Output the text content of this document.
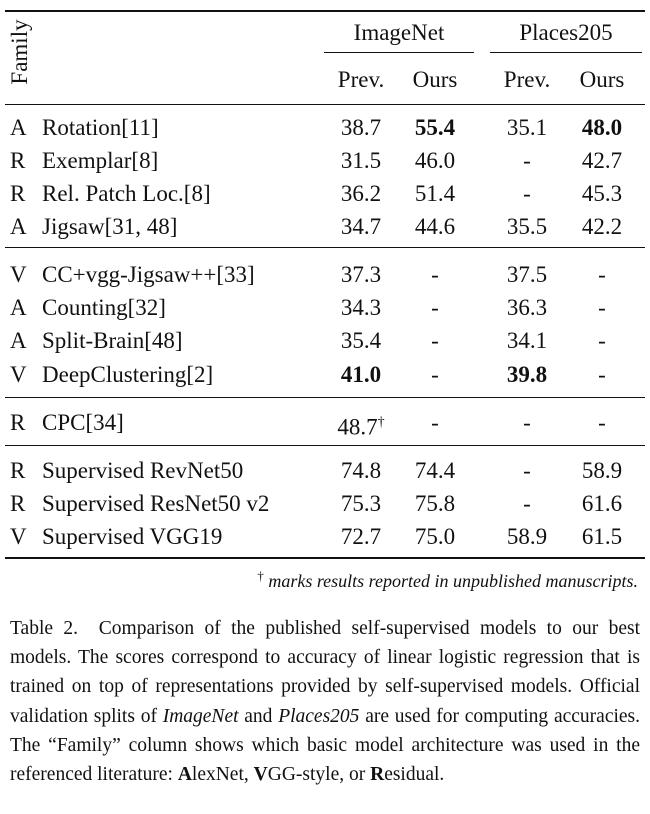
Family	ImageNet	Places205
Prev.	Ours	Prev.	Ours
A Rotation[11]	38.7	55.4	35.1	48.0
R Exemplar[8]	31.5	46.0	-	42.7
R Rel. Patch Loc.[8]	36.2	51.4	-	45.3
A Jigsaw[31, 48]	34.7	44.6	35.5	42.2
V CC+vgg-Jigsaw++[33]	37.3	-	37.5	-
A Counting[32]	34.3	-	36.3	-
A Split-Brain[48]	35.4	-	34.1	-
V DeepClustering[2]	41.0	-	39.8	-
R CPC[34]	48.7†	-	-	-
R Supervised RevNet50	74.8	74.4	-	58.9
R Supervised ResNet50 v2	75.3	75.8	-	61.6
V Supervised VGG19	72.7	75.0	58.9	61.5
† marks results reported in unpublished manuscripts.
Table 2. Comparison of the published self-supervised models to our best models. The scores correspond to accuracy of linear logistic regression that is trained on top of representations provided by self-supervised models. Official validation splits of ImageNet and Places205 are used for computing accuracies. The “Family” column shows which basic model architecture was used in the referenced literature: AlexNet, VGG-style, or Residual.
